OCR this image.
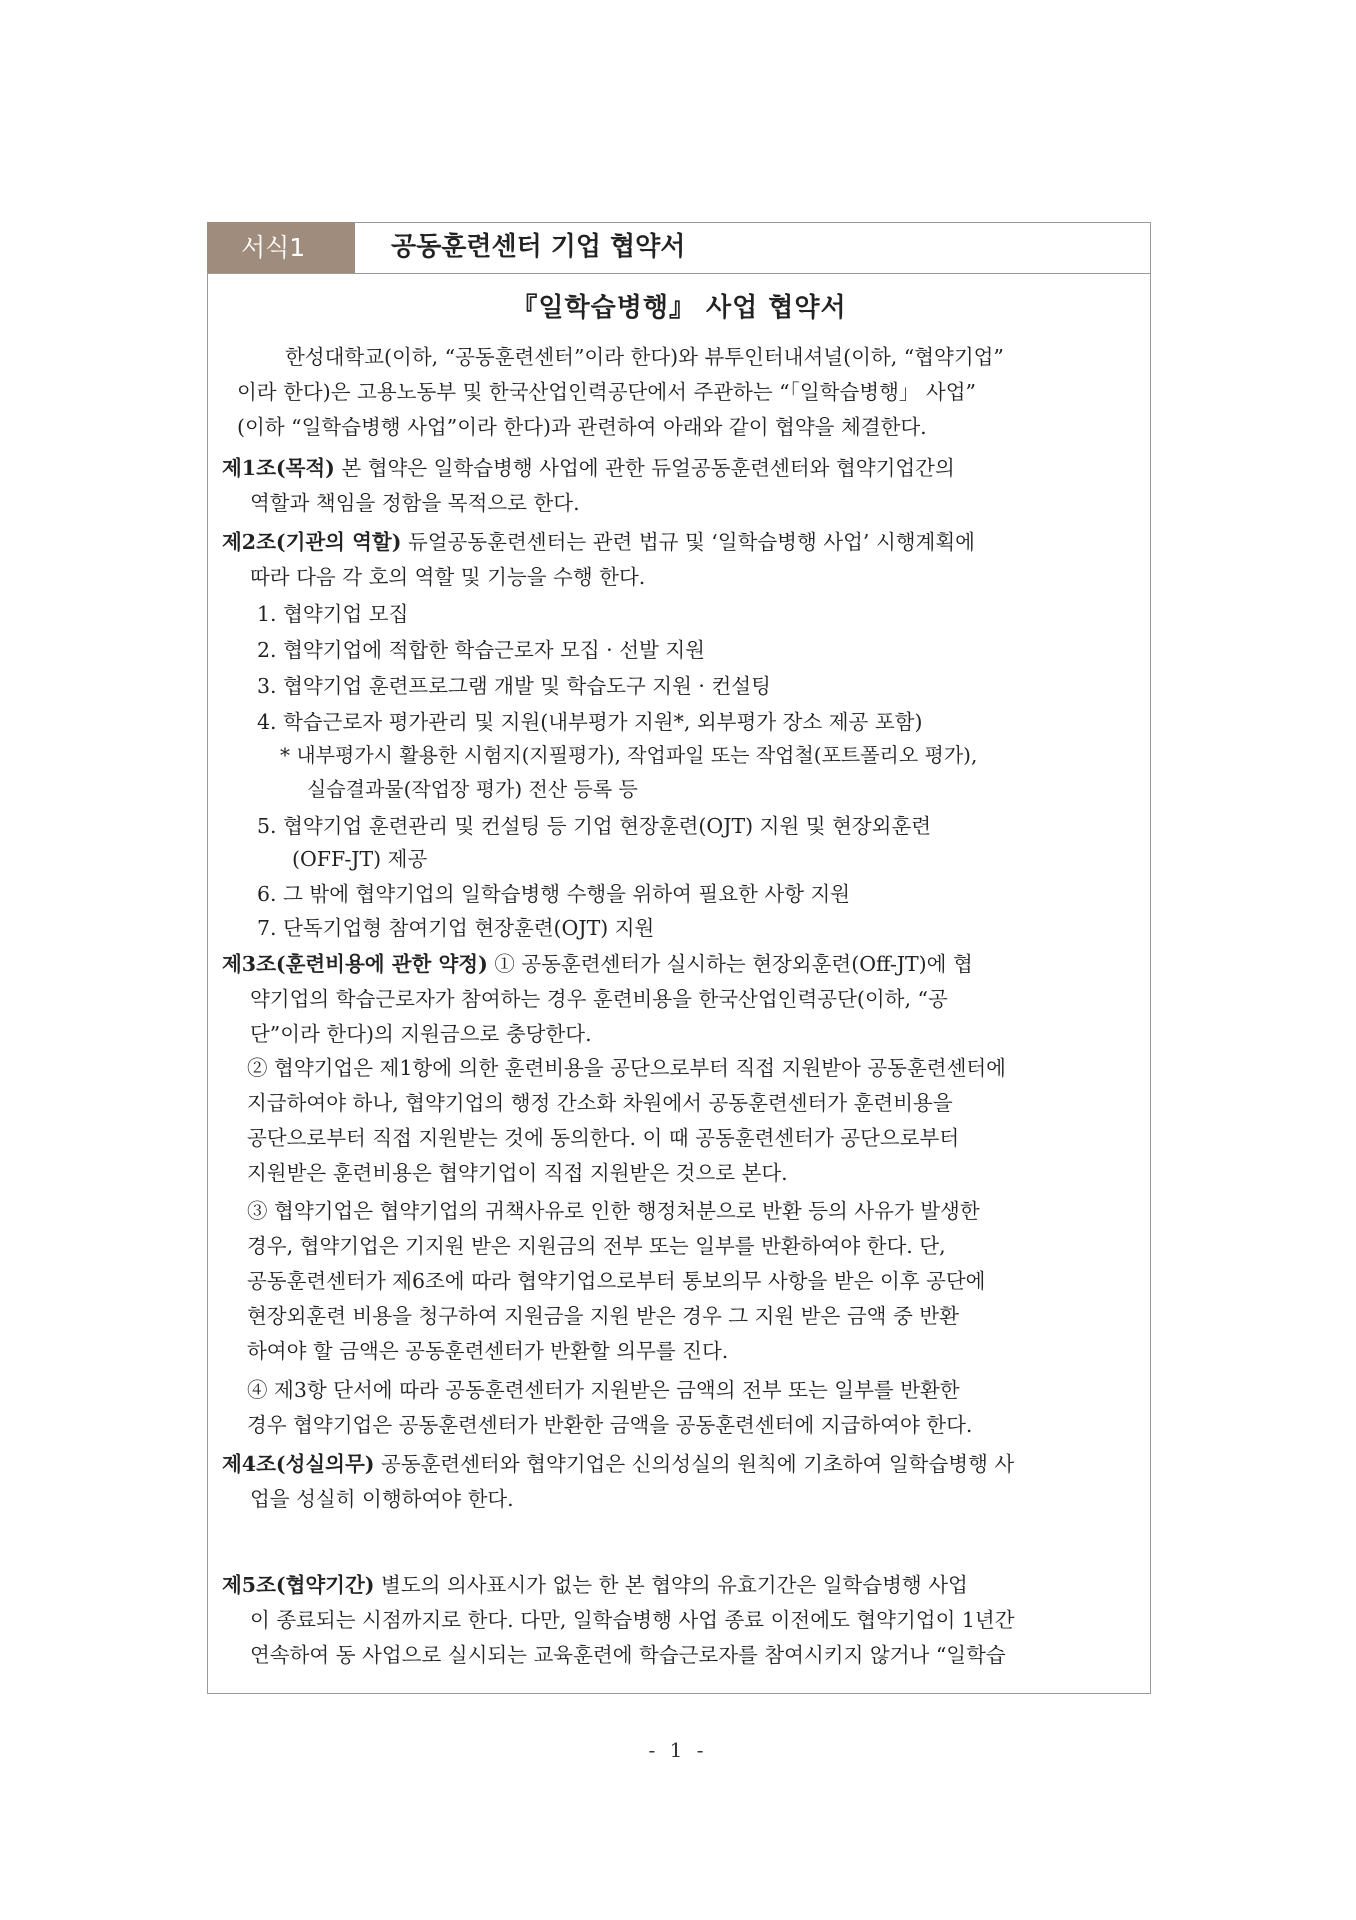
서식1	공동훈련센터 기업 협약서
『일학습병행』 사업 협약서
한성대학교(이하, “공동훈련센터”이라 한다)와 뷰투인터내셔널(이하, “협약기업”
이라 한다)은 고용노동부 및 한국산업인력공단에서 주관하는 “「일학습병행」 사업”
(이하 “일학습병행 사업”이라 한다)과 관련하여 아래와 같이 협약을 체결한다.
제1조(목적) 본 협약은 일학습병행 사업에 관한 듀얼공동훈련센터와 협약기업간의
역할과 책임을 정함을 목적으로 한다.
제2조(기관의 역할) 듀얼공동훈련센터는 관련 법규 및 ‘일학습병행 사업’ 시행계획에
따라 다음 각 호의 역할 및 기능을 수행 한다.
1. 협약기업 모집
2. 협약기업에 적합한 학습근로자 모집 · 선발 지원
3. 협약기업 훈련프로그램 개발 및 학습도구 지원 · 컨설팅
4. 학습근로자 평가관리 및 지원(내부평가 지원*, 외부평가 장소 제공 포함)
* 내부평가시 활용한 시험지(지필평가), 작업파일 또는 작업철(포트폴리오 평가),
실습결과물(작업장 평가) 전산 등록 등
5. 협약기업 훈련관리 및 컨설팅 등 기업 현장훈련(OJT) 지원 및 현장외훈련
(OFF-JT) 제공
6. 그 밖에 협약기업의 일학습병행 수행을 위하여 필요한 사항 지원
7. 단독기업형 참여기업 현장훈련(OJT) 지원
제3조(훈련비용에 관한 약정) ① 공동훈련센터가 실시하는 현장외훈련(Off-JT)에 협
약기업의 학습근로자가 참여하는 경우 훈련비용을 한국산업인력공단(이하, “공
단”이라 한다)의 지원금으로 충당한다.
② 협약기업은 제1항에 의한 훈련비용을 공단으로부터 직접 지원받아 공동훈련센터에
지급하여야 하나, 협약기업의 행정 간소화 차원에서 공동훈련센터가 훈련비용을
공단으로부터 직접 지원받는 것에 동의한다. 이 때 공동훈련센터가 공단으로부터
지원받은 훈련비용은 협약기업이 직접 지원받은 것으로 본다.
③ 협약기업은 협약기업의 귀책사유로 인한 행정처분으로 반환 등의 사유가 발생한
경우, 협약기업은 기지원 받은 지원금의 전부 또는 일부를 반환하여야 한다. 단,
공동훈련센터가 제6조에 따라 협약기업으로부터 통보의무 사항을 받은 이후 공단에
현장외훈련 비용을 청구하여 지원금을 지원 받은 경우 그 지원 받은 금액 중 반환
하여야 할 금액은 공동훈련센터가 반환할 의무를 진다.
④ 제3항 단서에 따라 공동훈련센터가 지원받은 금액의 전부 또는 일부를 반환한
경우 협약기업은 공동훈련센터가 반환한 금액을 공동훈련센터에 지급하여야 한다.
제4조(성실의무) 공동훈련센터와 협약기업은 신의성실의 원칙에 기초하여 일학습병행 사
업을 성실히 이행하여야 한다.
제5조(협약기간) 별도의 의사표시가 없는 한 본 협약의 유효기간은 일학습병행 사업
이 종료되는 시점까지로 한다. 다만, 일학습병행 사업 종료 이전에도 협약기업이 1년간
연속하여 동 사업으로 실시되는 교육훈련에 학습근로자를 참여시키지 않거나 “일학습
- 1 -
